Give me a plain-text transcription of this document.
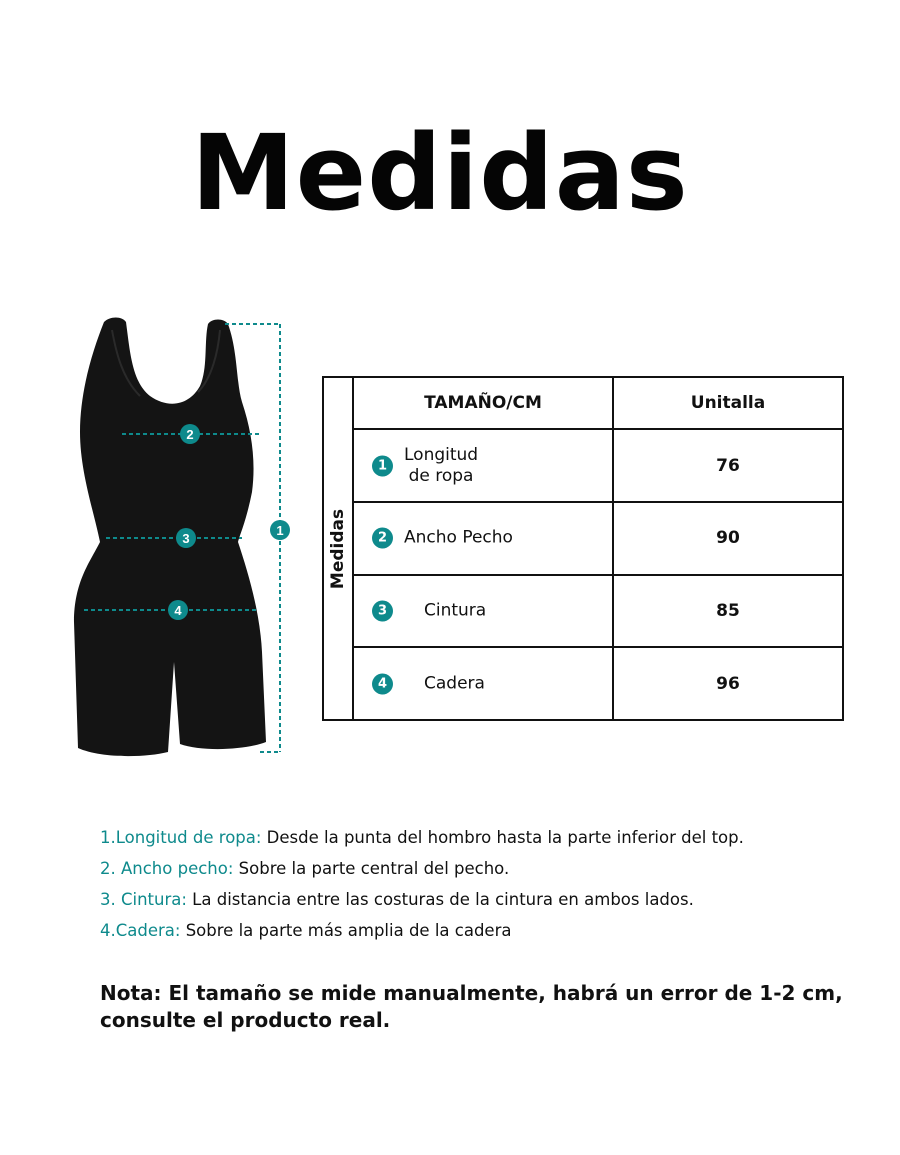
Medidas
1
2
3
4
Medidas	TAMAÑO/CM	Unitalla

1
Longitud
de ropa	76

2 Ancho Pecho	90

3 Cintura	85

4 Cadera	96
1.Longitud de ropa: Desde la punta del hombro hasta la parte inferior del top.
2. Ancho pecho: Sobre la parte central del pecho.
3. Cintura: La distancia entre las costuras de la cintura en ambos lados.
4.Cadera: Sobre la parte más amplia de la cadera
Nota: El tamaño se mide manualmente, habrá un error de 1-2 cm, consulte el producto real.
